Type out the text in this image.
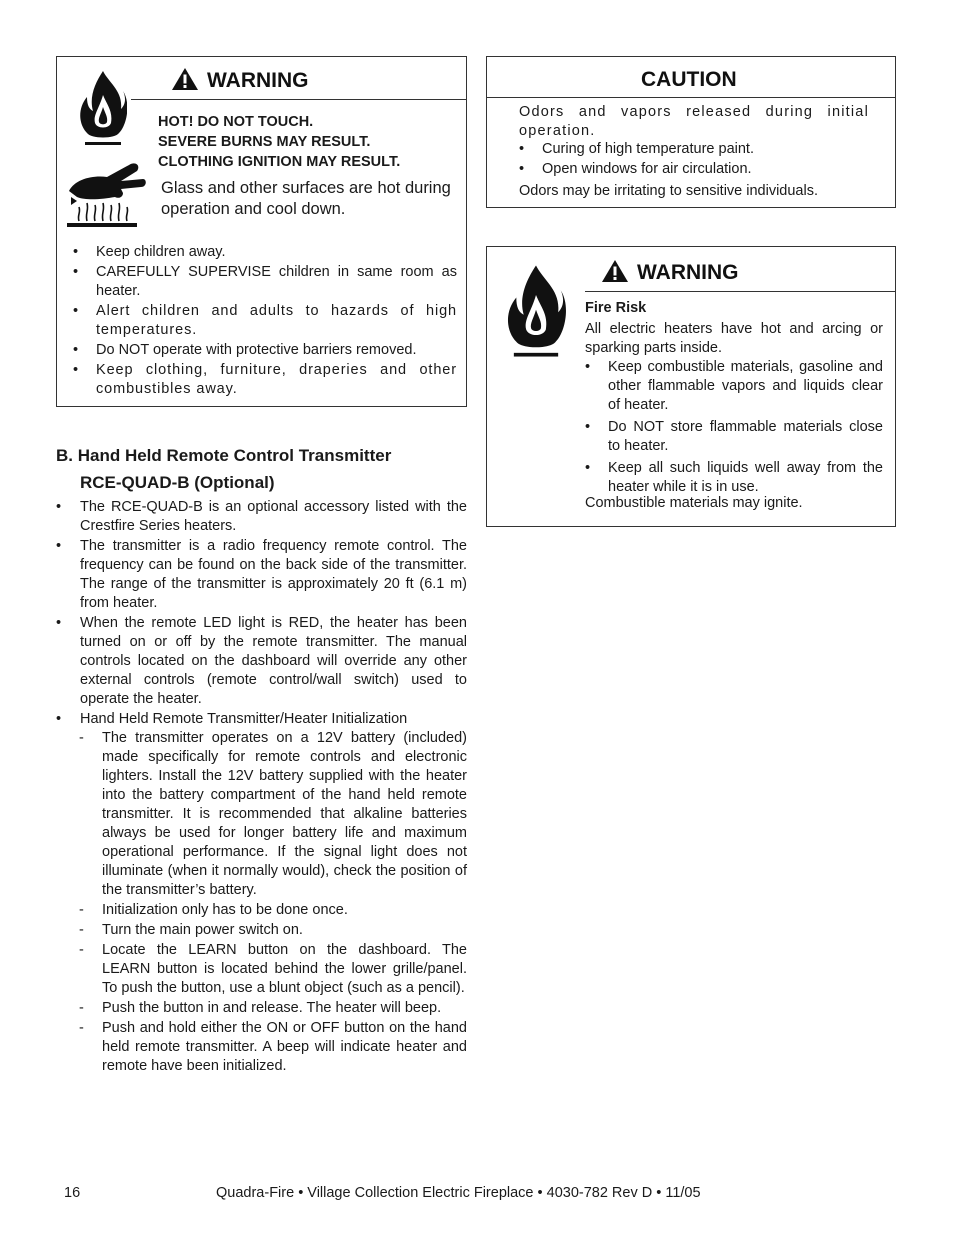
WARNING
HOT! DO NOT TOUCH.
SEVERE BURNS MAY RESULT.
CLOTHING IGNITION MAY RESULT.
Glass and other surfaces are hot during operation and cool down.
• Keep children away.
• CAREFULLY SUPERVISE children in same room as heater.
• Alert children and adults to hazards of high temperatures.
• Do NOT operate with protective barriers removed.
• Keep clothing, furniture, draperies and other combustibles away.
CAUTION
Odors and vapors released during initial operation.
• Curing of high temperature paint.
• Open windows for air circulation.
Odors may be irritating to sensitive individuals.
WARNING
Fire Risk
All electric heaters have hot and arcing or sparking parts inside.
• Keep combustible materials, gasoline and other flammable vapors and liquids clear of heater.
• Do NOT store flammable materials close to heater.
• Keep all such liquids well away from the heater while it is in use.
Combustible materials may ignite.
B. Hand Held Remote Control Transmitter
RCE-QUAD-B (Optional)
• The RCE-QUAD-B is an optional accessory listed with the Crestfire Series heaters.
• The transmitter is a radio frequency remote control. The frequency can be found on the back side of the transmitter. The range of the transmitter is approximately 20 ft (6.1 m) from heater.
• When the remote LED light is RED, the heater has been turned on or off by the remote transmitter. The manual controls located on the dashboard will override any other external controls (remote control/wall switch) used to operate the heater.
• Hand Held Remote Transmitter/Heater Initialization
- The transmitter operates on a 12V battery (included) made specifically for remote controls and electronic lighters. Install the 12V battery supplied with the heater into the battery compartment of the hand held remote transmitter. It is recommended that alkaline batteries always be used for longer battery life and maximum operational performance. If the signal light does not illuminate (when it normally would), check the position of the transmitter’s battery.
- Initialization only has to be done once.
- Turn the main power switch on.
- Locate the LEARN button on the dashboard. The LEARN button is located behind the lower grille/panel. To push the button, use a blunt object (such as a pencil).
- Push the button in and release. The heater will beep.
- Push and hold either the ON or OFF button on the hand held remote transmitter. A beep will indicate heater and remote have been initialized.
16	Quadra-Fire • Village Collection Electric Fireplace • 4030-782 Rev D • 11/05
